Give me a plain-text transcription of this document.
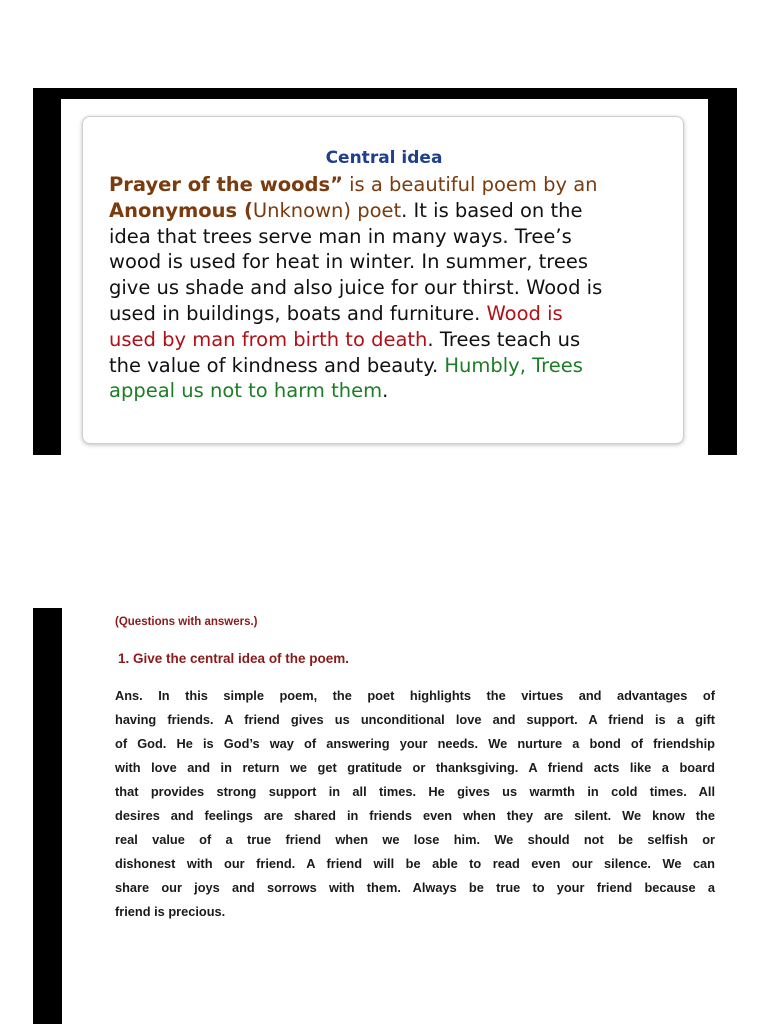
Central idea
Prayer of the woods” is a beautiful poem by an
Anonymous (Unknown) poet. It is based on the
idea that trees serve man in many ways. Tree’s
wood is used for heat in winter. In summer, trees
give us shade and also juice for our thirst. Wood is
used in buildings, boats and furniture. Wood is
used by man from birth to death. Trees teach us
the value of kindness and beauty. Humbly, Trees
appeal us not to harm them.
(Questions with answers.)
1. Give the central idea of the poem.
Ans. In this simple poem, the poet highlights the virtues and advantages of
having friends. A friend gives us unconditional love and support. A friend is a gift
of God. He is God’s way of answering your needs. We nurture a bond of friendship
with love and in return we get gratitude or thanksgiving. A friend acts like a board
that provides strong support in all times. He gives us warmth in cold times. All
desires and feelings are shared in friends even when they are silent. We know the
real value of a true friend when we lose him. We should not be selfish or
dishonest with our friend. A friend will be able to read even our silence. We can
share our joys and sorrows with them. Always be true to your friend because a
friend is precious.
